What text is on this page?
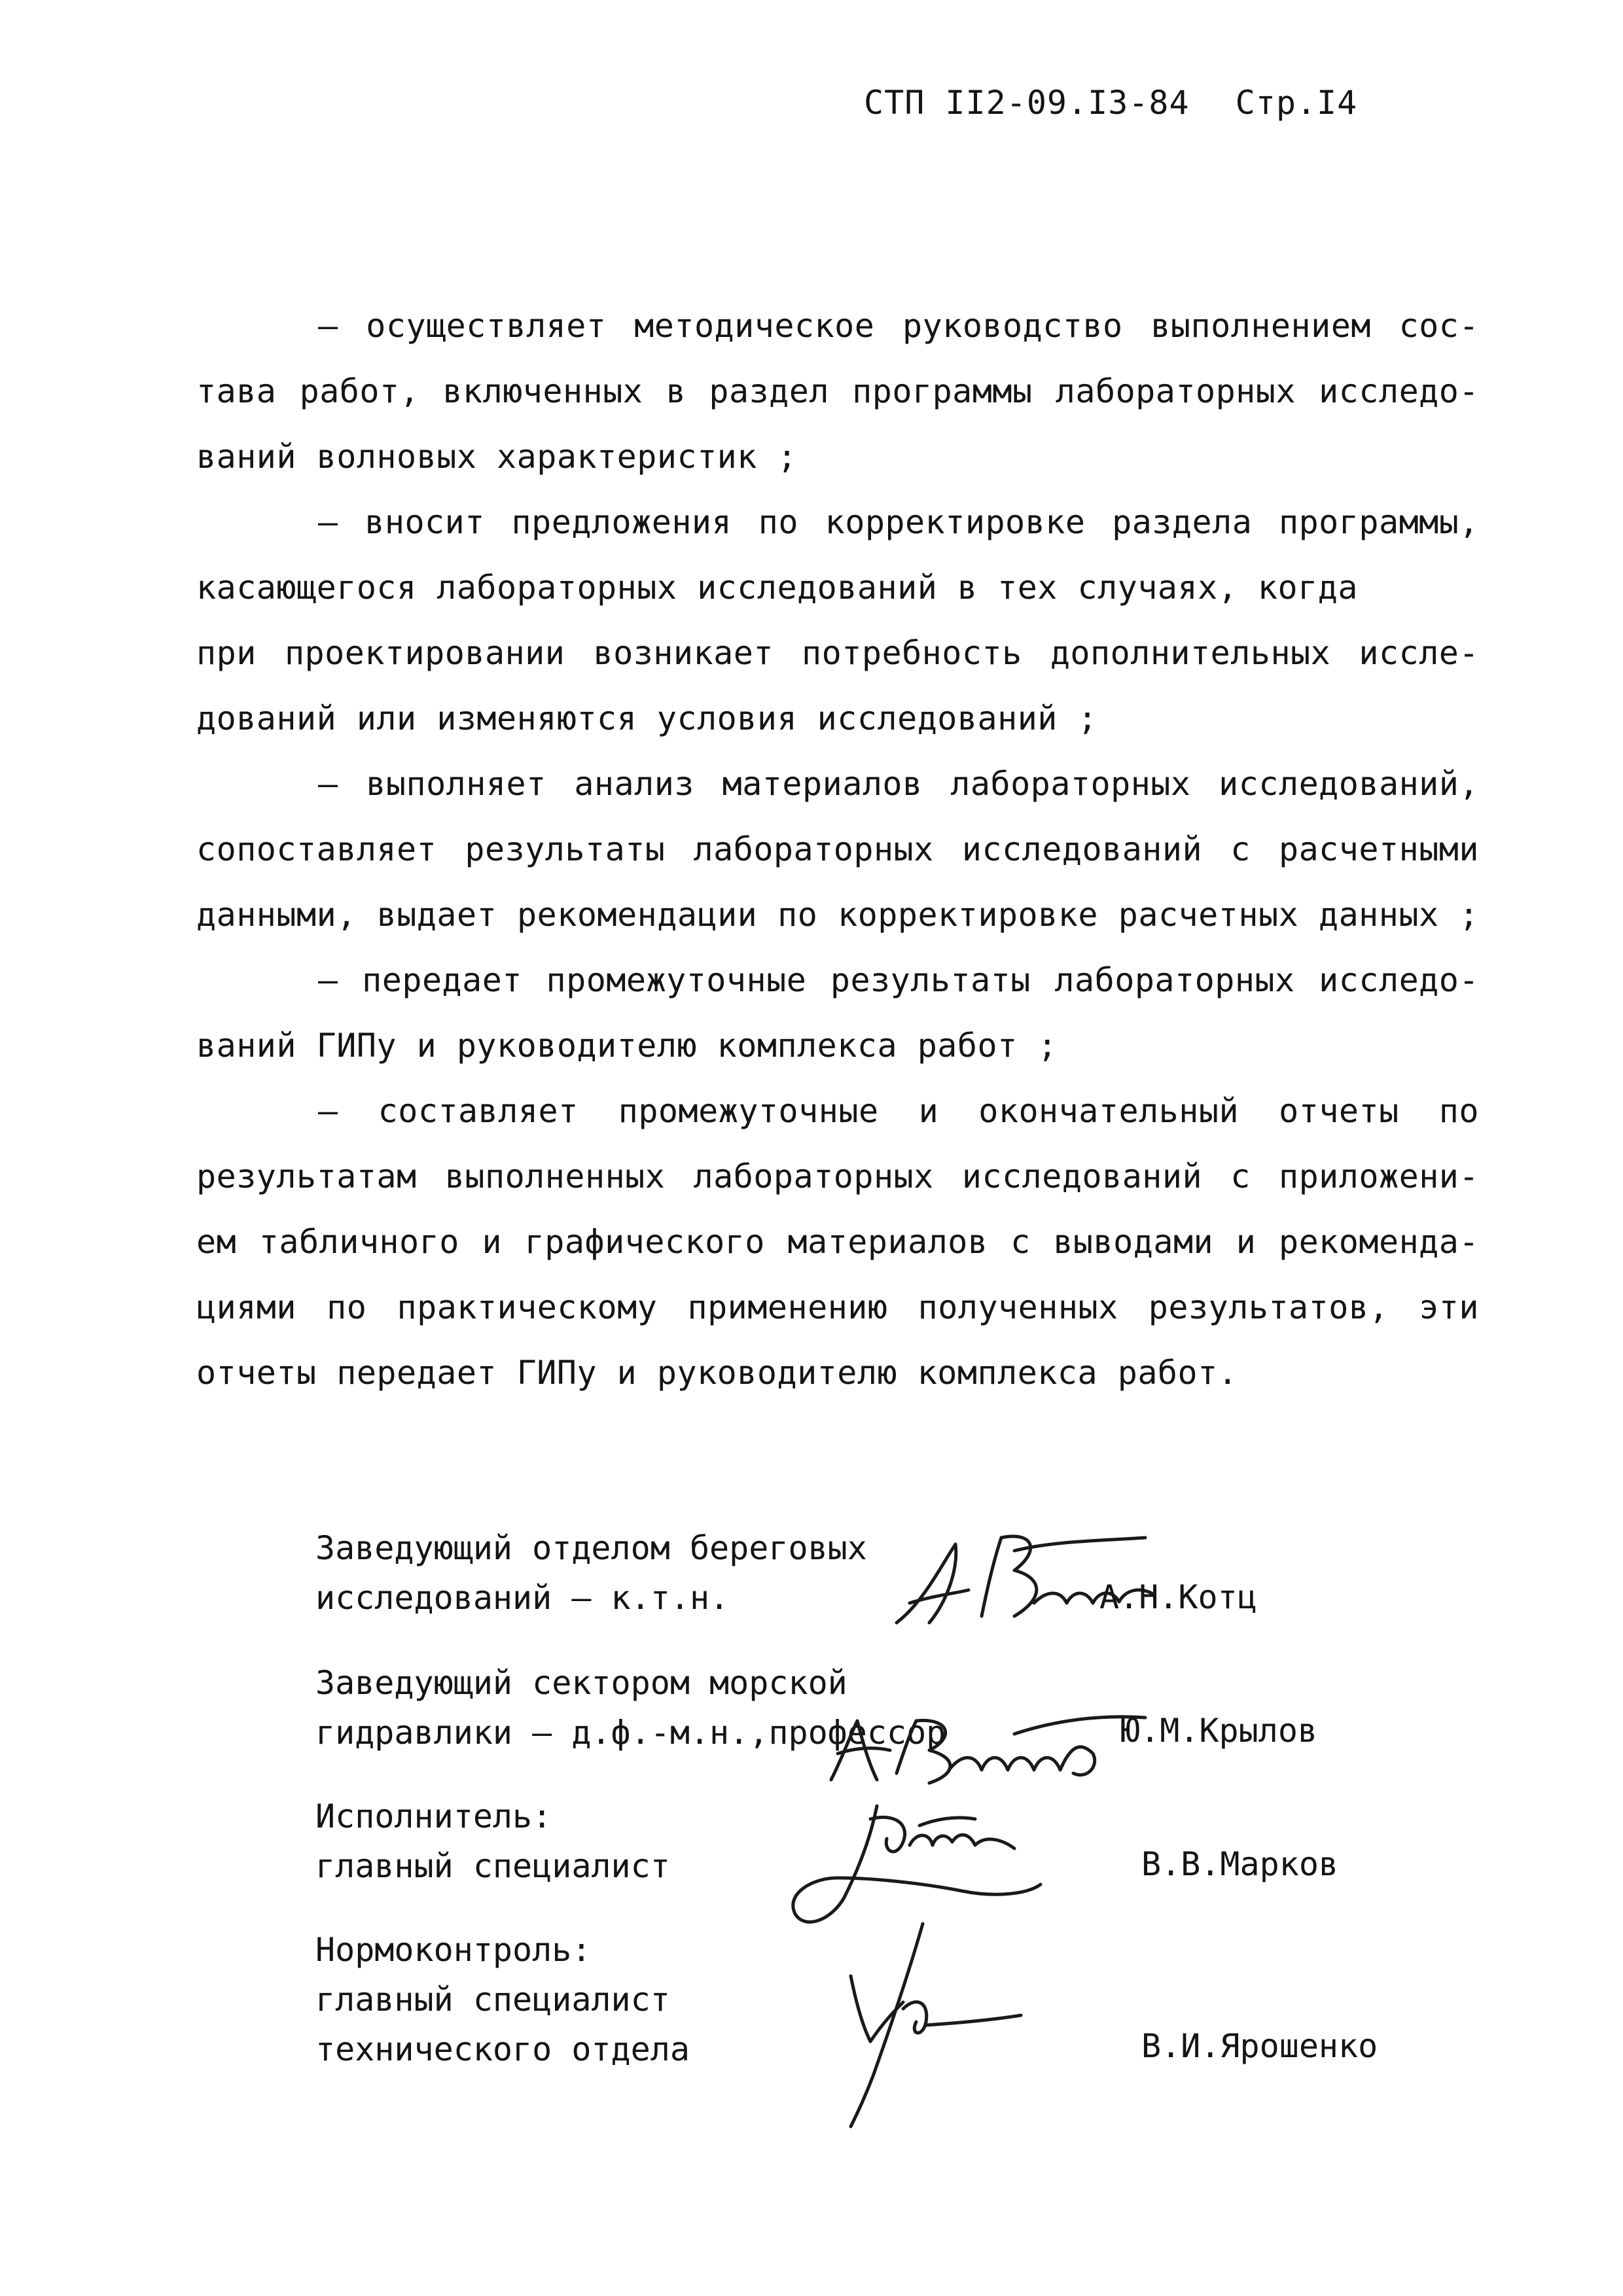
СТП II2-09.I3-84 Стр.I4
– осуществляет методическое руководство выполнением сос-
тава работ, включенных в раздел программы лабораторных исследо-
ваний волновых характеристик ;
– вносит предложения по корректировке раздела программы,
касающегося лабораторных исследований в тех случаях, когда
при проектировании возникает потребность дополнительных иссле-
дований или изменяются условия исследований ;
– выполняет анализ материалов лабораторных исследований,
сопоставляет результаты лабораторных исследований с расчетными
данными, выдает рекомендации по корректировке расчетных данных ;
– передает промежуточные результаты лабораторных исследо-
ваний ГИПу и руководителю комплекса работ ;
– составляет промежуточные и окончательный отчеты по
результатам выполненных лабораторных исследований с приложени-
ем табличного и графического материалов с выводами и рекоменда-
циями по практическому применению полученных результатов, эти
отчеты передает ГИПу и руководителю комплекса работ.
Заведующий отделом береговых
исследований – к.т.н.	А.Н.Котц
Заведующий сектором морской
гидравлики – д.ф.-м.н.,профессор	Ю.М.Крылов
Исполнитель:
главный специалист	В.В.Марков
Нормоконтроль:
главный специалист
технического отдела	В.И.Ярошенко
